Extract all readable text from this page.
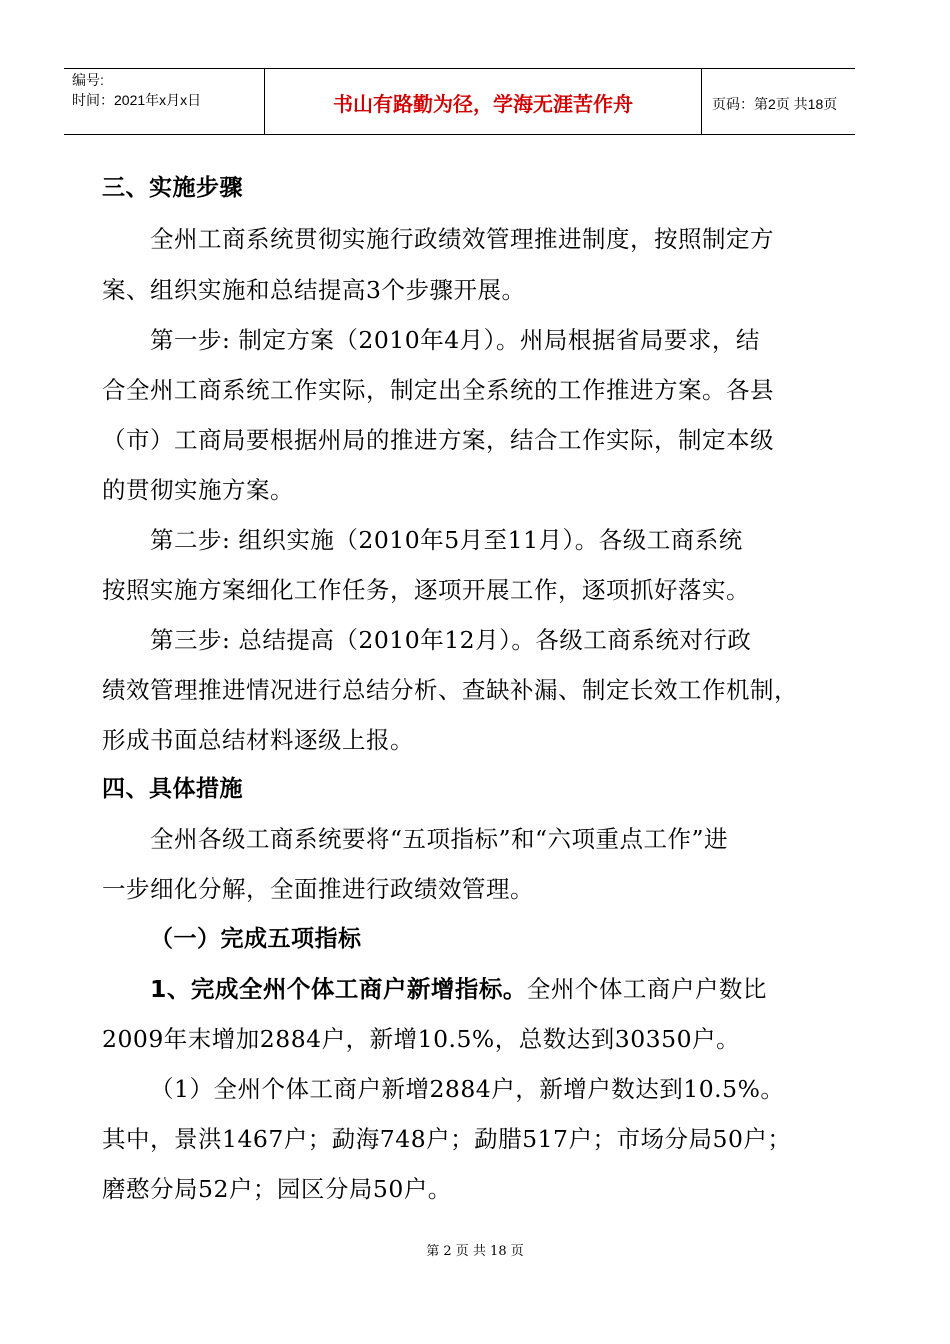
编号:
时间：2021年x月x日	书山有路勤为径，学海无涯苦作舟	页码：第2页 共18页
三、实施步骤
全州工商系统贯彻实施行政绩效管理推进制度，按照制定方
案、组织实施和总结提高3个步骤开展。
第一步: 制定方案（2010年4月）。州局根据省局要求，结
合全州工商系统工作实际，制定出全系统的工作推进方案。各县
（市）工商局要根据州局的推进方案，结合工作实际，制定本级
的贯彻实施方案。
第二步: 组织实施（2010年5月至11月）。各级工商系统
按照实施方案细化工作任务，逐项开展工作，逐项抓好落实。
第三步: 总结提高（2010年12月）。各级工商系统对行政
绩效管理推进情况进行总结分析、查缺补漏、制定长效工作机制，
形成书面总结材料逐级上报。
四、具体措施
全州各级工商系统要将“五项指标”和“六项重点工作”进
一步细化分解，全面推进行政绩效管理。
（一）完成五项指标
1、完成全州个体工商户新增指标。全州个体工商户户数比
2009年末增加2884户，新增10.5%，总数达到30350户。
（1）全州个体工商户新增2884户，新增户数达到10.5%。
其中，景洪1467户；勐海748户；勐腊517户；市场分局50户；
磨憨分局52户；园区分局50户。
第 2 页 共 18 页
